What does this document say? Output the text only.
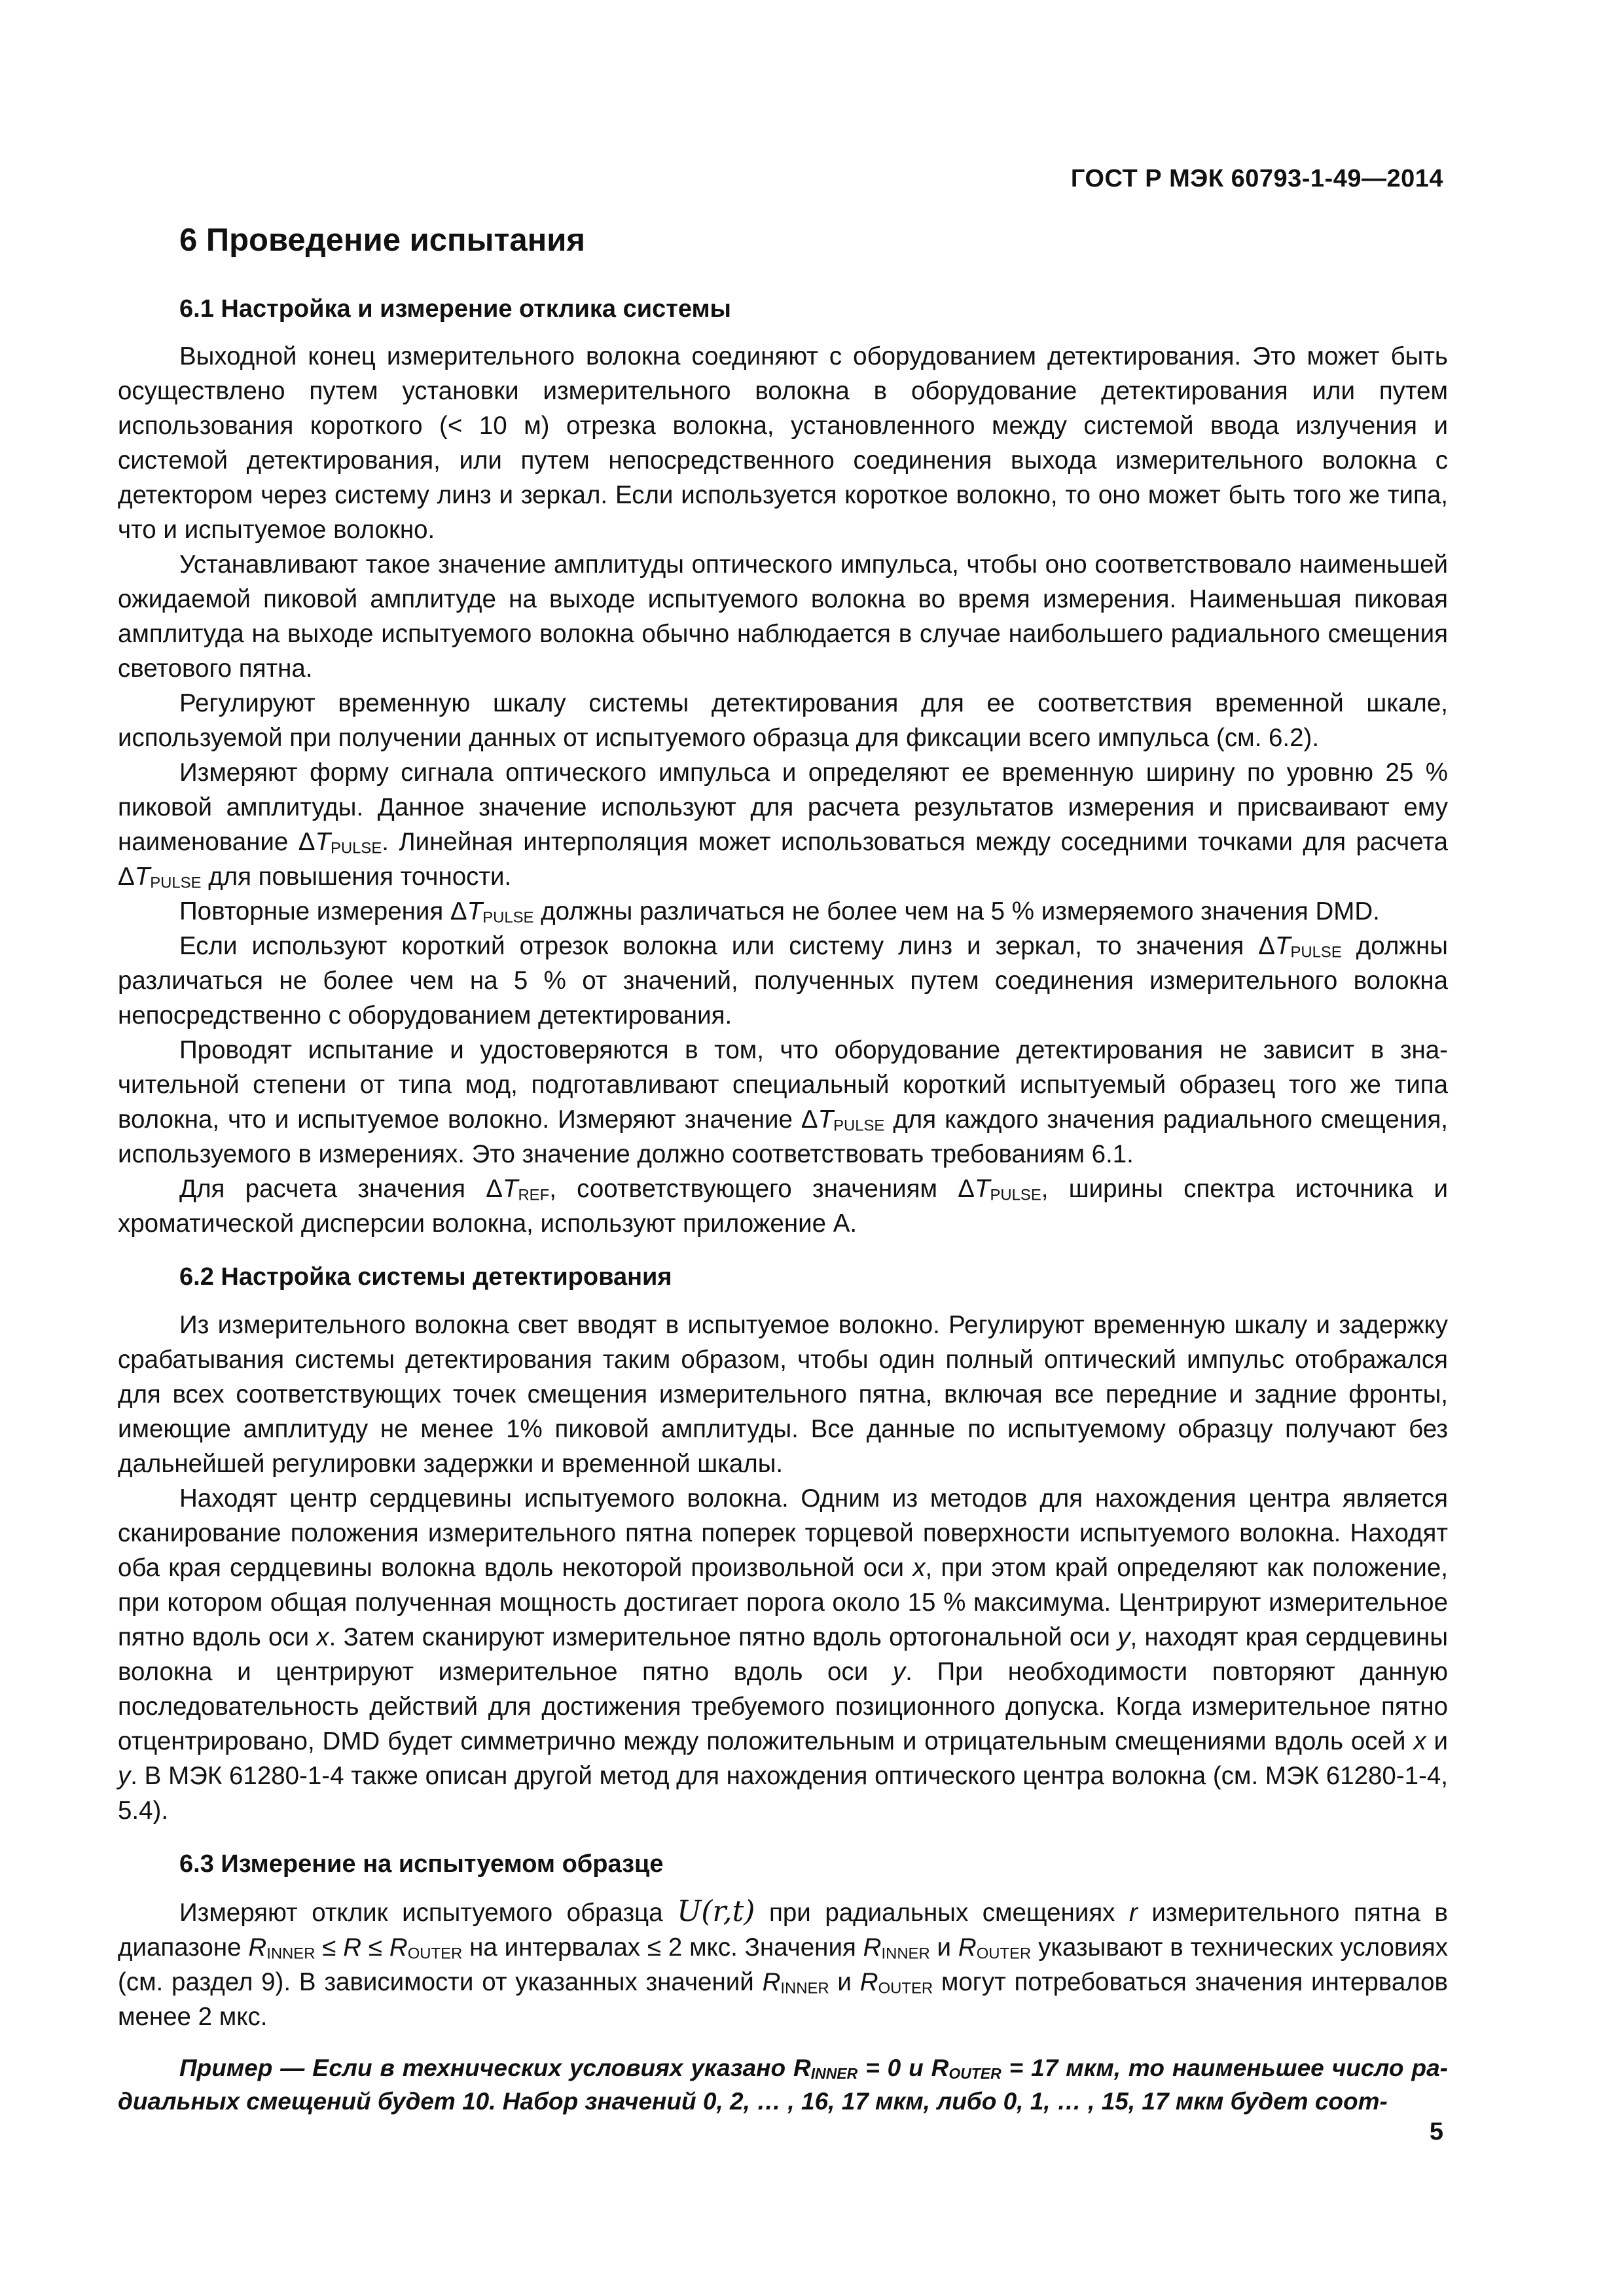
ГОСТ Р МЭК 60793-1-49—2014
6 Проведение испытания
6.1 Настройка и измерение отклика системы

Выходной конец измерительного волокна соединяют с оборудованием детектирования. Это может быть осуществлено путем установки измерительного волокна в оборудование детектирования или путем использования короткого (< 10 м) отрезка волокна, установленного между системой ввода излучения и системой детектирования, или путем непосредственного соединения выхода измерительного волокна с детектором через систему линз и зеркал. Если используется короткое волокно, то оно может быть того же типа, что и испытуемое волокно.

Устанавливают такое значение амплитуды оптического импульса, чтобы оно соответствовало наименьшей ожидаемой пиковой амплитуде на выходе испытуемого волокна во время измерения. Наименьшая пиковая амплитуда на выходе испытуемого волокна обычно наблюдается в случае наибольшего радиального смещения светового пятна.

Регулируют временную шкалу системы детектирования для ее соответствия временной шкале, используемой при получении данных от испытуемого образца для фиксации всего импульса (см. 6.2).

Измеряют форму сигнала оптического импульса и определяют ее временную ширину по уровню 25 % пиковой амплитуды. Данное значение используют для расчета результатов измерения и присваивают ему наименование ΔTPULSE. Линейная интерполяция может использоваться между соседними точками для расчета ΔTPULSE для повышения точности.

Повторные измерения ΔTPULSE должны различаться не более чем на 5 % измеряемого значения DMD.

Если используют короткий отрезок волокна или систему линз и зеркал, то значения ΔTPULSE должны различаться не более чем на 5 % от значений, полученных путем соединения измерительного волокна непосредственно с оборудованием детектирования.

Проводят испытание и удостоверяются в том, что оборудование детектирования не зависит в значительной степени от типа мод, подготавливают специальный короткий испытуемый образец того же типа волокна, что и испытуемое волокно. Измеряют значение ΔTPULSE для каждого значения радиального смещения, используемого в измерениях. Это значение должно соответствовать требованиям 6.1.

Для расчета значения ΔTREF, соответствующего значениям ΔTPULSE, ширины спектра источника и хроматической дисперсии волокна, используют приложение А.

6.2 Настройка системы детектирования

Из измерительного волокна свет вводят в испытуемое волокно. Регулируют временную шкалу и задержку срабатывания системы детектирования таким образом, чтобы один полный оптический импульс отображался для всех соответствующих точек смещения измерительного пятна, включая все передние и задние фронты, имеющие амплитуду не менее 1% пиковой амплитуды. Все данные по испытуемому образцу получают без дальнейшей регулировки задержки и временной шкалы.

Находят центр сердцевины испытуемого волокна. Одним из методов для нахождения центра является сканирование положения измерительного пятна поперек торцевой поверхности испытуемого волокна. Находят оба края сердцевины волокна вдоль некоторой произвольной оси x, при этом край определяют как положение, при котором общая полученная мощность достигает порога около 15 % максимума. Центрируют измерительное пятно вдоль оси x. Затем сканируют измерительное пятно вдоль ортогональной оси y, находят края сердцевины волокна и центрируют измерительное пятно вдоль оси y. При необходимости повторяют данную последовательность действий для достижения требуемого позиционного допуска. Когда измерительное пятно отцентрировано, DMD будет симметрично между положительным и отрицательным смещениями вдоль осей x и y. В МЭК 61280-1-4 также описан другой метод для нахождения оптического центра волокна (см. МЭК 61280-1-4, 5.4).

6.3 Измерение на испытуемом образце

Измеряют отклик испытуемого образца U(r,t) при радиальных смещениях r измерительного пятна в диапазоне RINNER ≤ R ≤ ROUTER на интервалах ≤ 2 мкс. Значения RINNER и ROUTER указывают в технических условиях (см. раздел 9). В зависимости от указанных значений RINNER и ROUTER могут потребоваться значения интервалов менее 2 мкс.

Пример — Если в технических условиях указано RINNER = 0 и ROUTER = 17 мкм, то наименьшее число радиальных смещений будет 10. Набор значений 0, 2, … , 16, 17 мкм, либо 0, 1, … , 15, 17 мкм будет соот-

5
